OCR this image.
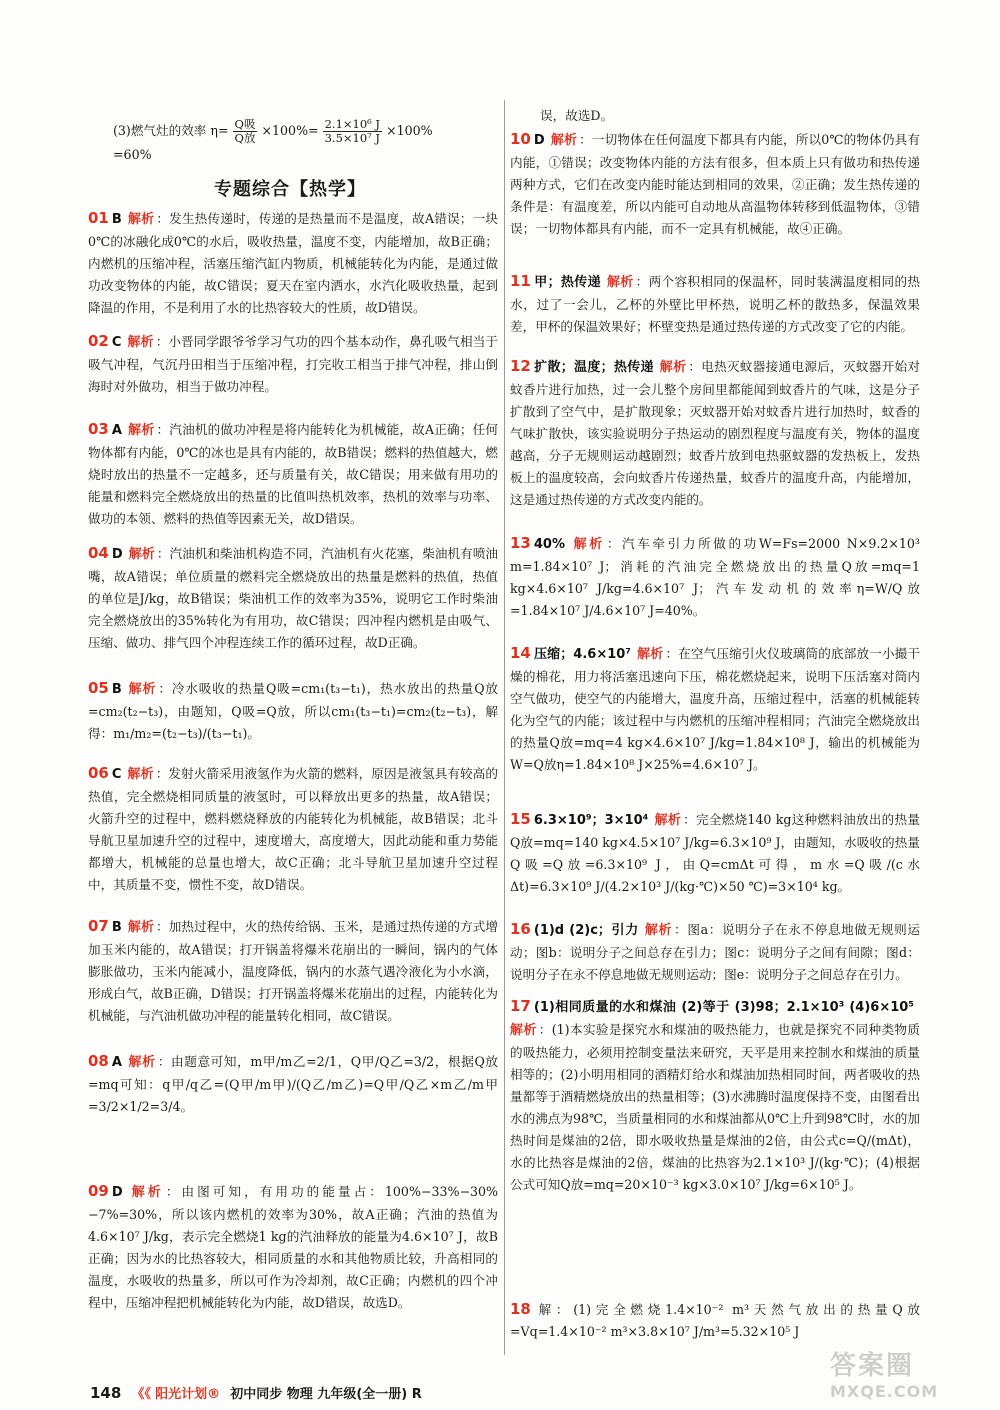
(3)燃气灶的效率 $\eta= \frac{\text{Q吸}}{\text{Q放}} \times 100\%= \frac{\text{2.1×10⁶ J}}{\text{3.5×10⁷ J}} \times 100\%$
=60%
专题综合【热学】

01 B 解析 ：发生热传递时，传递的是热量而不是温度，故A错误；一块0℃的冰融化成0℃的水后，吸收热量，温度不变，内能增加，故B正确；内燃机的压缩冲程，活塞压缩汽缸内物质，机械能转化为内能，是通过做功改变物体的内能，故C错误；夏天在室内洒水，水汽化吸收热量，起到降温的作用，不是利用了水的比热容较大的性质，故D错误。

02 C 解析 ：小晋同学跟爷爷学习气功的四个基本动作，鼻孔吸气相当于吸气冲程，气沉丹田相当于压缩冲程，打完收工相当于排气冲程，排山倒海时对外做功，相当于做功冲程。

03 A 解析 ：汽油机的做功冲程是将内能转化为机械能，故A正确；任何物体都有内能，0℃的冰也是具有内能的，故B错误；燃料的热值越大，燃烧时放出的热量不一定越多，还与质量有关，故C错误；用来做有用功的能量和燃料完全燃烧放出的热量的比值叫热机效率，热机的效率与功率、做功的本领、燃料的热值等因素无关，故D错误。

04 D 解析 ：汽油机和柴油机构造不同，汽油机有火花塞，柴油机有喷油嘴，故A错误；单位质量的燃料完全燃烧放出的热量是燃料的热值，热值的单位是J/kg，故B错误；柴油机工作的效率为35%，说明它工作时柴油完全燃烧放出的35%转化为有用功，故C错误；四冲程内燃机是由吸气、压缩、做功、排气四个冲程连续工作的循环过程，故D正确。

05 B 解析 ：冷水吸收的热量Q吸=cm₁(t₃−t₁)，热水放出的热量Q放=cm₂(t₂−t₃)，由题知，Q吸=Q放，所以cm₁(t₃−t₁)=cm₂(t₂−t₃)，解得：m₁/m₂=(t₂−t₃)/(t₃−t₁)。

06 C 解析 ：发射火箭采用液氢作为火箭的燃料，原因是液氢具有较高的热值，完全燃烧相同质量的液氢时，可以释放出更多的热量，故A错误；火箭升空的过程中，燃料燃烧释放的内能转化为机械能，故B错误；北斗导航卫星加速升空的过程中，速度增大，高度增大，因此动能和重力势能都增大，机械能的总量也增大，故C正确；北斗导航卫星加速升空过程中，其质量不变，惯性不变，故D错误。

07 B 解析 ：加热过程中，火的热传给锅、玉米，是通过热传递的方式增加玉米内能的，故A错误；打开锅盖将爆米花崩出的一瞬间，锅内的气体膨胀做功，玉米内能减小，温度降低，锅内的水蒸气遇冷液化为小水滴，形成白气，故B正确，D错误；打开锅盖将爆米花崩出的过程，内能转化为机械能，与汽油机做功冲程的能量转化相同，故C错误。

08 A 解析 ：由题意可知，m甲/m乙=2/1，Q甲/Q乙=3/2，根据Q放=mq可知：q甲/q乙=(Q甲/m甲)/(Q乙/m乙)=Q甲/Q乙×m乙/m甲=3/2×1/2=3/4。

09 D 解析 ：由图可知，有用功的能量占：100%−33%−30%−7%=30%，所以该内燃机的效率为30%，故A正确；汽油的热值为4.6×10⁷ J/kg，表示完全燃烧1 kg的汽油释放的能量为4.6×10⁷ J，故B正确；因为水的比热容较大，相同质量的水和其他物质比较，升高相同的温度，水吸收的热量多，所以可作为冷却剂，故C正确；内燃机的四个冲程中，压缩冲程把机械能转化为内能，故D错误，故选D。

误，故选D。

10 D 解析 ：一切物体在任何温度下都具有内能，所以0℃的物体仍具有内能，①错误；改变物体内能的方法有很多，但本质上只有做功和热传递两种方式，它们在改变内能时能达到相同的效果，②正确；发生热传递的条件是：有温度差，所以内能可自动地从高温物体转移到低温物体，③错误；一切物体都具有内能，而不一定具有机械能，故④正确。

11 甲；热传递 解析 ：两个容积相同的保温杯，同时装满温度相同的热水，过了一会儿，乙杯的外壁比甲杯热，说明乙杯的散热多，保温效果差，甲杯的保温效果好；杯壁变热是通过热传递的方式改变了它的内能。

12 扩散；温度；热传递 解析 ：电热灭蚊器接通电源后，灭蚊器开始对蚊香片进行加热，过一会儿整个房间里都能闻到蚊香片的气味，这是分子扩散到了空气中，是扩散现象；灭蚊器开始对蚊香片进行加热时，蚊香的气味扩散快，该实验说明分子热运动的剧烈程度与温度有关，物体的温度越高，分子无规则运动越剧烈；蚊香片放到电热驱蚊器的发热板上，发热板上的温度较高，会向蚊香片传递热量，蚊香片的温度升高，内能增加，这是通过热传递的方式改变内能的。

13 40% 解析 ：汽车牵引力所做的功W=Fs=2000 N×9.2×10³ m=1.84×10⁷ J；消耗的汽油完全燃烧放出的热量Q放=mq=1 kg×4.6×10⁷ J/kg=4.6×10⁷ J；汽车发动机的效率η=W/Q放=1.84×10⁷ J/4.6×10⁷ J=40%。

14 压缩；4.6×10⁷ 解析 ：在空气压缩引火仪玻璃筒的底部放一小撮干燥的棉花，用力将活塞迅速向下压，棉花燃烧起来，说明下压活塞对筒内空气做功，使空气的内能增大，温度升高，压缩过程中，活塞的机械能转化为空气的内能；该过程中与内燃机的压缩冲程相同；汽油完全燃烧放出的热量Q放=mq=4 kg×4.6×10⁷ J/kg=1.84×10⁸ J，输出的机械能为W=Q放η=1.84×10⁸ J×25%=4.6×10⁷ J。

15 6.3×10⁹；3×10⁴ 解析 ：完全燃烧140 kg这种燃料油放出的热量Q放=mq=140 kg×4.5×10⁷ J/kg=6.3×10⁹ J，由题知，水吸收的热量Q吸=Q放=6.3×10⁹ J，由Q=cmΔt可得，m水=Q吸/(c水Δt)=6.3×10⁹ J/(4.2×10³ J/(kg·℃)×50 ℃)=3×10⁴ kg。

16 (1)d (2)c；引力 解析 ：图a：说明分子在永不停息地做无规则运动；图b：说明分子之间总存在引力；图c：说明分子之间有间隙；图d：说明分子在永不停息地做无规则运动；图e：说明分子之间总存在引力。

17 (1)相同质量的水和煤油 (2)等于 (3)98；2.1×10³ (4)6×10⁵解析 ：(1)本实验是探究水和煤油的吸热能力，也就是探究不同种类物质的吸热能力，必须用控制变量法来研究，天平是用来控制水和煤油的质量相等的；(2)小明用相同的酒精灯给水和煤油加热相同时间，两者吸收的热量都等于酒精燃烧放出的热量相等；(3)水沸腾时温度保持不变，由图看出水的沸点为98℃，当质量相同的水和煤油都从0℃上升到98℃时，水的加热时间是煤油的2倍，即水吸收热量是煤油的2倍，由公式c=Q/(mΔt)，水的比热容是煤油的2倍，煤油的比热容为2.1×10³ J/(kg·℃)；(4)根据公式可知Q放=mq=20×10⁻³ kg×3.0×10⁷ J/kg=6×10⁵ J。

18 解：(1)完全燃烧1.4×10⁻² m³天然气放出的热量Q放=Vq=1.4×10⁻² m³×3.8×10⁷ J/m³=5.32×10⁵ J

148 《《 阳光计划® 初中同步 物理 九年级(全一册) R
答案圈
MXQE.COM
